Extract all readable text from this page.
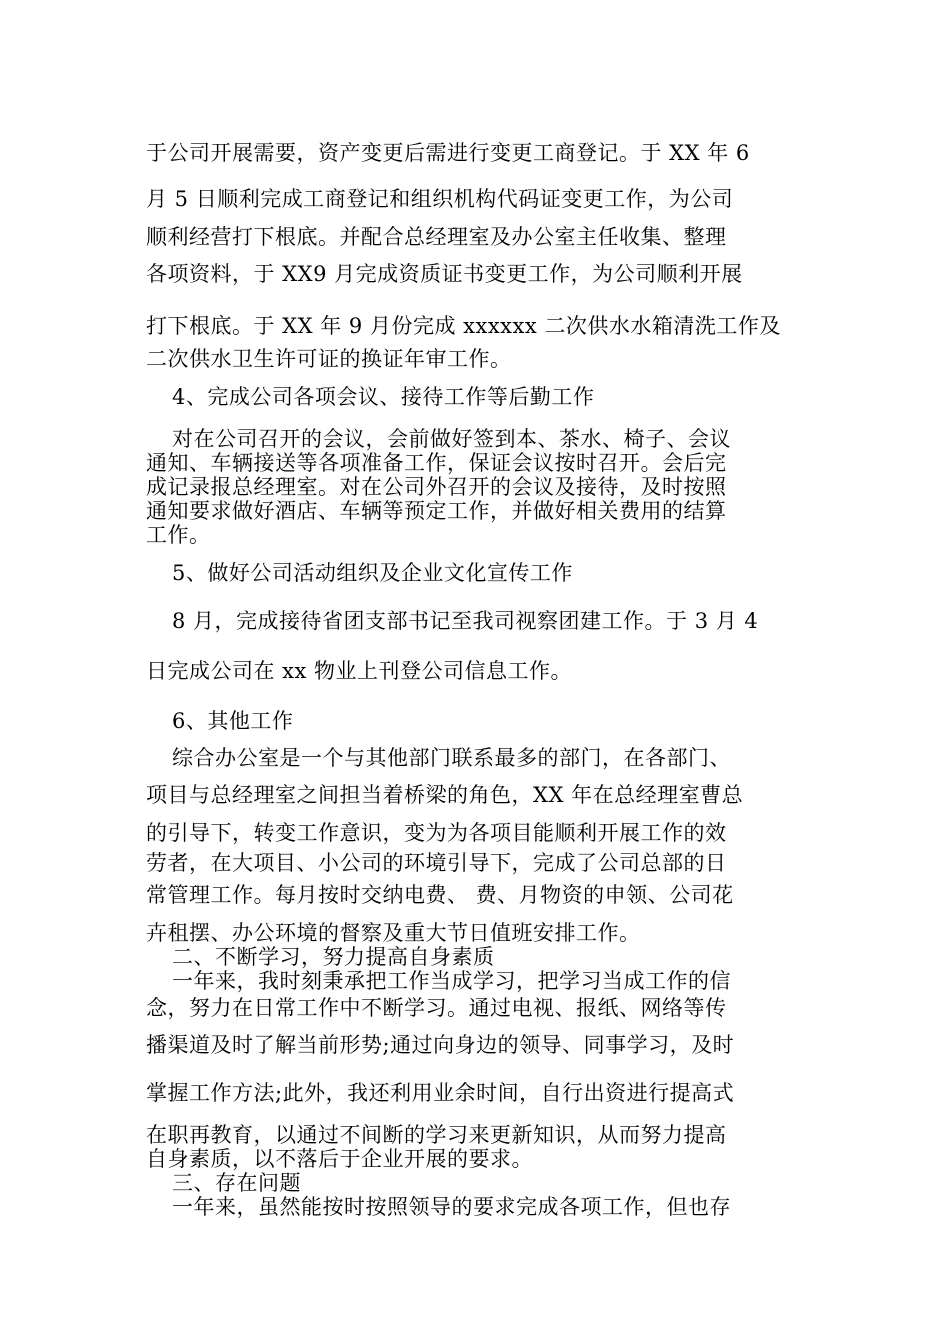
于公司开展需要，资产变更后需进行变更工商登记。于 XX 年 6
月 5 日顺利完成工商登记和组织机构代码证变更工作，为公司
顺利经营打下根底。并配合总经理室及办公室主任收集、整理
各项资料，于 XX9 月完成资质证书变更工作，为公司顺利开展
打下根底。于 XX 年 9 月份完成 xxxxxx 二次供水水箱清洗工作及
二次供水卫生许可证的换证年审工作。
4、完成公司各项会议、接待工作等后勤工作
对在公司召开的会议，会前做好签到本、茶水、椅子、会议
通知、车辆接送等各项准备工作，保证会议按时召开。会后完
成记录报总经理室。对在公司外召开的会议及接待，及时按照
通知要求做好酒店、车辆等预定工作，并做好相关费用的结算
工作。
5、做好公司活动组织及企业文化宣传工作
8 月，完成接待省团支部书记至我司视察团建工作。于 3 月 4
日完成公司在 xx 物业上刊登公司信息工作。
6、其他工作
综合办公室是一个与其他部门联系最多的部门，在各部门、
项目与总经理室之间担当着桥梁的角色，XX 年在总经理室曹总
的引导下，转变工作意识，变为为各项目能顺利开展工作的效
劳者，在大项目、小公司的环境引导下，完成了公司总部的日
常管理工作。每月按时交纳电费、 费、月物资的申领、公司花
卉租摆、办公环境的督察及重大节日值班安排工作。
二、不断学习，努力提高自身素质
一年来，我时刻秉承把工作当成学习，把学习当成工作的信
念，努力在日常工作中不断学习。通过电视、报纸、网络等传
播渠道及时了解当前形势;通过向身边的领导、同事学习，及时
掌握工作方法;此外，我还利用业余时间，自行出资进行提高式
在职再教育，以通过不间断的学习来更新知识，从而努力提高
自身素质，以不落后于企业开展的要求。
三、存在问题
一年来，虽然能按时按照领导的要求完成各项工作，但也存
